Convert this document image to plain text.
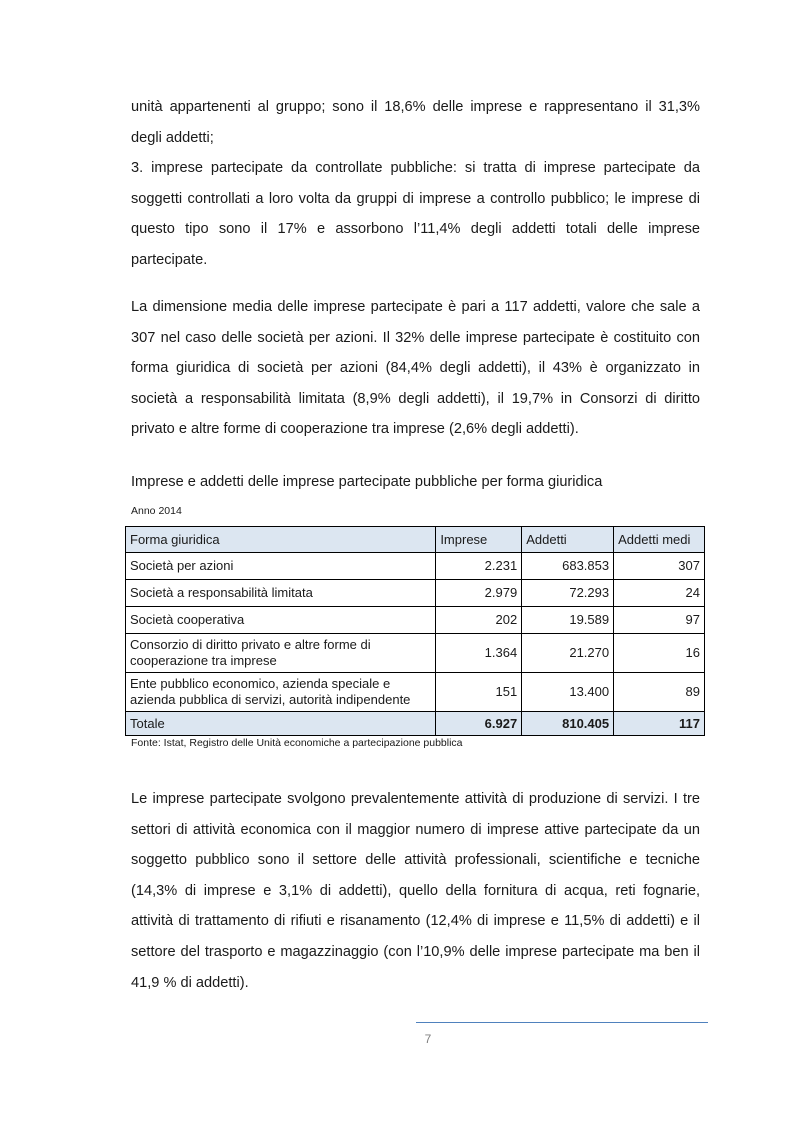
unità appartenenti al gruppo; sono il 18,6% delle imprese e rappresentano il 31,3%
degli addetti;
3. imprese partecipate da controllate pubbliche: si tratta di imprese partecipate da
soggetti controllati a loro volta da gruppi di imprese a controllo pubblico; le imprese di
questo tipo sono il 17% e assorbono l’11,4% degli addetti totali delle imprese
partecipate.
La dimensione media delle imprese partecipate è pari a 117 addetti, valore che sale a
307 nel caso delle società per azioni. Il 32% delle imprese partecipate è costituito con
forma giuridica di società per azioni (84,4% degli addetti), il 43% è organizzato in
società a responsabilità limitata (8,9% degli addetti), il 19,7% in Consorzi di diritto
privato e altre forme di cooperazione tra imprese (2,6% degli addetti).

Imprese e addetti delle imprese partecipate pubbliche per forma giuridica

Anno 2014

Forma giuridica	Imprese	Addetti	Addetti medi
Società per azioni	2.231	683.853	307
Società a responsabilità limitata	2.979	72.293	24
Società cooperativa	202	19.589	97
Consorzio di diritto privato e altre forme di cooperazione tra imprese	1.364	21.270	16
Ente pubblico economico, azienda speciale e azienda pubblica di servizi, autorità indipendente	151	13.400	89
Totale	6.927	810.405	117

Fonte: Istat, Registro delle Unità economiche a partecipazione pubblica

Le imprese partecipate svolgono prevalentemente attività di produzione di servizi. I tre
settori di attività economica con il maggior numero di imprese attive partecipate da un
soggetto pubblico sono il settore delle attività professionali, scientifiche e tecniche
(14,3% di imprese e 3,1% di addetti), quello della fornitura di acqua, reti fognarie,
attività di trattamento di rifiuti e risanamento (12,4% di imprese e 11,5% di addetti) e il
settore del trasporto e magazzinaggio (con l’10,9% delle imprese partecipate ma ben il
41,9 % di addetti).

7
